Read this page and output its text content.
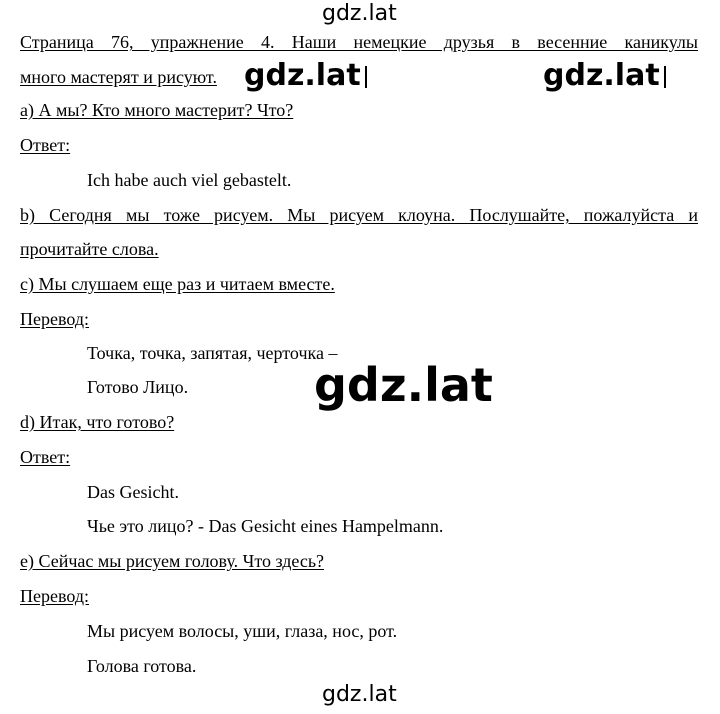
gdz.lat

Страница 76, упражнение 4. Наши немецкие друзья в весенние каникулы

много мастерят и рисуют. gdz.lat	gdz.lat

a) А мы? Кто много мастерит? Что?

Ответ:

Ich habe auch viel gebastelt.

b) Сегодня мы тоже рисуем. Мы рисуем клоуна. Послушайте, пожалуйста и

прочитайте слова.

c) Мы слушаем еще раз и читаем вместе.

Перевод:

Точка, точка, запятая, черточка –

Готово Лицо.	gdz.lat

d) Итак, что готово?

Ответ:

Das Gesicht.

Чье это лицо? - Das Gesicht eines Hampelmann.

e) Сейчас мы рисуем голову. Что здесь?

Перевод:

Мы рисуем волосы, уши, глаза, нос, рот.

Голова готова.

gdz.lat
